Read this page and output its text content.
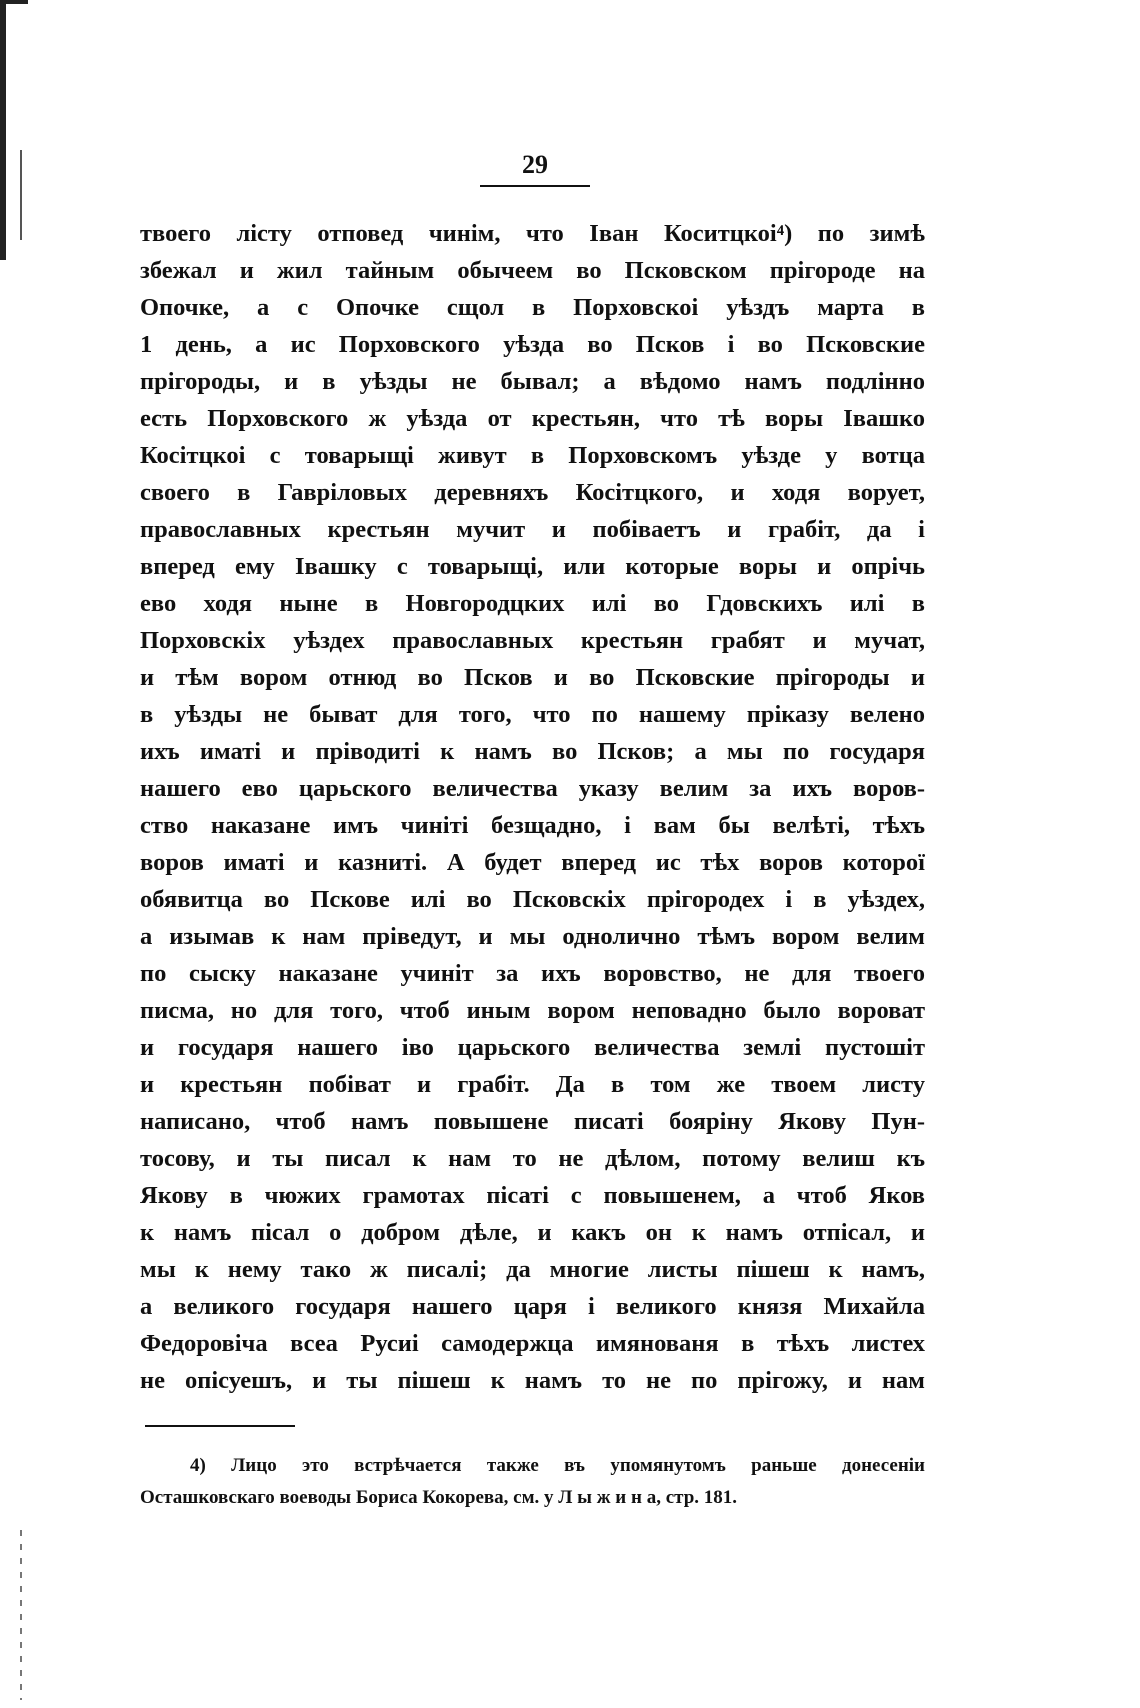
29
твоего лісту отповед чинім, что Іван Коситцкоі⁴) по зимѣ
збежал и жил тайным обычеем во Псковском прігороде на
Опочке, а с Опочке сщол в Порховскоі уѣздъ марта в
1 день, а ис Порховского уѣзда во Псков і во Псковские
прігороды, и в уѣзды не бывал; а вѣдомо намъ подлінно
есть Порховского ж уѣзда от крестьян, что тѣ воры Івашко
Косітцкоі с товарыщі живут в Порховскомъ уѣзде у вотца
своего в Гавріловых деревняхъ Косітцкого, и ходя ворует,
православных крестьян мучит и побіваетъ и грабіт, да і
вперед ему Івашку с товарыщі, или которые воры и опрічь
ево ходя ныне в Новгородцких илі во Гдовскихъ илі в
Порховскіх уѣздех православных крестьян грабят и мучат,
и тѣм вором отнюд во Псков и во Псковские прігороды и
в уѣзды не быват для того, что по нашему пріказу велено
ихъ иматі и пріводиті к намъ во Псков; а мы по государя
нашего ево царьского величества указу велим за ихъ воров-
ство наказане имъ чиніті безщадно, і вам бы велѣті, тѣхъ
воров иматі и казниті. А будет вперед ис тѣх воров которої
обявитца во Пскове илі во Псковскіх прігородех і в уѣздех,
а изымав к нам пріведут, и мы однолично тѣмъ вором велим
по сыску наказане учиніт за ихъ воровство, не для твоего
писма, но для того, чтоб иным вором неповадно было вороват
и государя нашего іво царьского величества землі пустошіт
и крестьян побіват и грабіт. Да в том же твоем листу
написано, чтоб намъ повышене писаті бояріну Якову Пун-
тосову, и ты писал к нам то не дѣлом, потому велиш къ
Якову в чюжих грамотах пісаті с повышенем, а чтоб Яков
к намъ пісал о добром дѣле, и какъ он к намъ отпісал, и
мы к нему тако ж писалі; да многие листы пішеш к намъ,
а великого государя нашего царя і великого князя Михайла
Федоровіча всеа Русиі самодержца имянованя в тѣхъ листех
не опісуешъ, и ты пішеш к намъ то не по прігожу, и нам
4) Лицо это встрѣчается также въ упомянутомъ раньше донесеніи
Осташковскаго воеводы Бориса Кокорева, см. у Л ы ж и н а, стр. 181.
